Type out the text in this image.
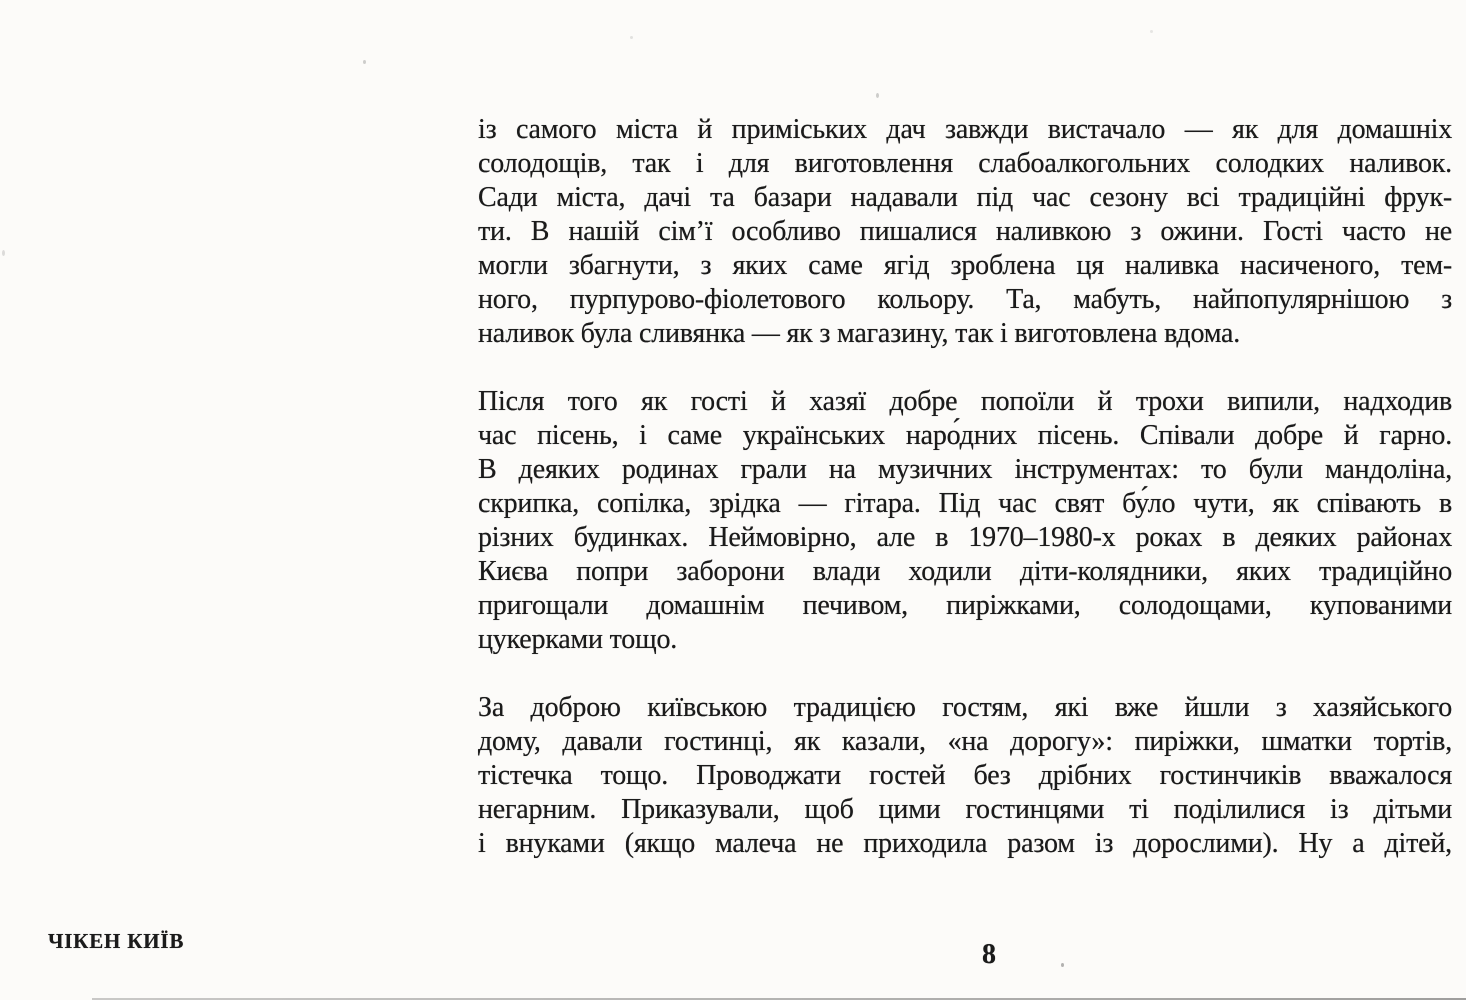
із самого міста й приміських дач завжди вистачало — як для домашніх
солодощів, так і для виготовлення слабоалкогольних солодких наливок.
Сади міста, дачі та базари надавали під час сезону всі традиційні фрук-
ти. В нашій сім’ї особливо пишалися наливкою з ожини. Гості часто не
могли збагнути, з яких саме ягід зроблена ця наливка насиченого, тем-
ного, пурпурово-фіолетового кольору. Та, мабуть, найпопулярнішою з
наливок була сливянка — як з магазину, так і виготовлена вдома.
Після того як гості й хазяї добре попоїли й трохи випили, надходив
час пісень, і саме українських наро́дних пісень. Співали добре й гарно.
В деяких родинах грали на музичних інструментах: то були мандоліна,
скрипка, сопілка, зрідка — гітара. Під час свят бу́ло чути, як співають в
різних будинках. Неймовірно, але в 1970–1980-х роках в деяких районах
Києва попри заборони влади ходили діти-колядники, яких традиційно
пригощали домашнім печивом, пиріжками, солодощами, купованими
цукерками тощо.
За доброю київською традицією гостям, які вже йшли з хазяйського
дому, давали гостинці, як казали, «на дорогу»: пиріжки, шматки тортів,
тістечка тощо. Проводжати гостей без дрібних гостинчиків вважалося
негарним. Приказували, щоб цими гостинцями ті поділилися із дітьми
і внуками (якщо малеча не приходила разом із дорослими). Ну а дітей,
ЧІКЕН КИЇВ	8
